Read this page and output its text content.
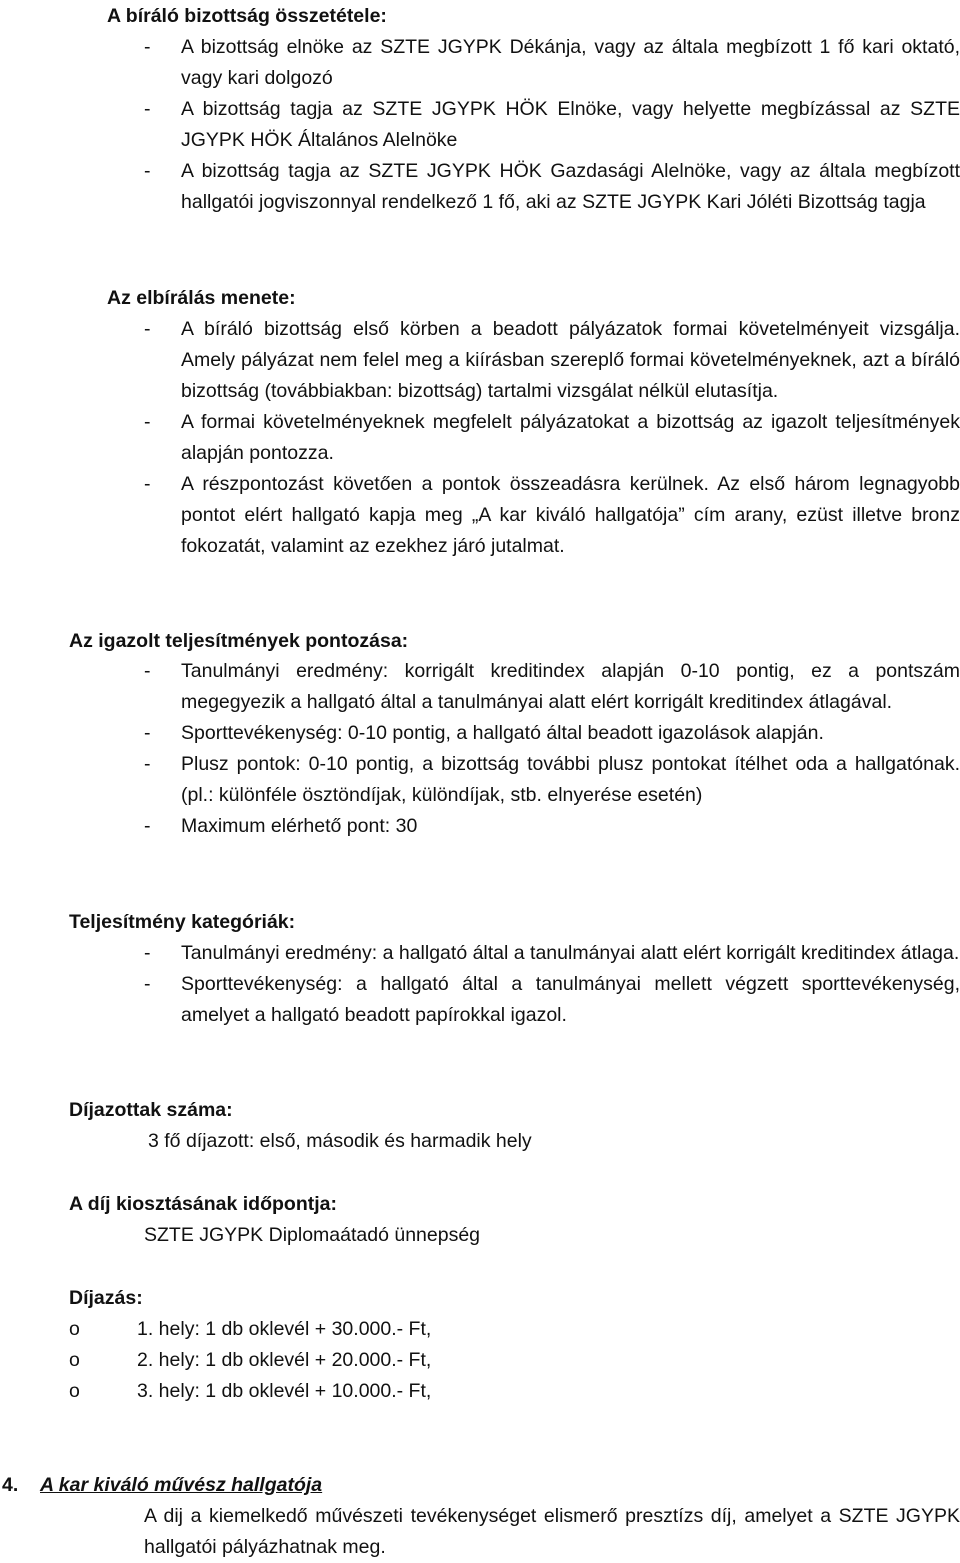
A bíráló bizottság összetétele:
-	A bizottság elnöke az SZTE JGYPK Dékánja, vagy az általa megbízott 1 fő kari oktató, vagy kari dolgozó
-	A bizottság tagja az SZTE JGYPK HÖK Elnöke, vagy helyette megbízással az SZTE JGYPK HÖK Általános Alelnöke
-	A bizottság tagja az SZTE JGYPK HÖK Gazdasági Alelnöke, vagy az általa megbízott hallgatói jogviszonnyal rendelkező 1 fő, aki az SZTE JGYPK Kari Jóléti Bizottság tagja
Az elbírálás menete:
-	A bíráló bizottság első körben a beadott pályázatok formai követelményeit vizsgálja. Amely pályázat nem felel meg a kiírásban szereplő formai követelményeknek, azt a bíráló bizottság (továbbiakban: bizottság) tartalmi vizsgálat nélkül elutasítja.
-	A formai követelményeknek megfelelt pályázatokat a bizottság az igazolt teljesítmények alapján pontozza.
-	A részpontozást követően a pontok összeadásra kerülnek. Az első három legnagyobb pontot elért hallgató kapja meg „A kar kiváló hallgatója” cím arany, ezüst illetve bronz fokozatát, valamint az ezekhez járó jutalmat.
Az igazolt teljesítmények pontozása:
-	Tanulmányi eredmény: korrigált kreditindex alapján 0-10 pontig, ez a pontszám megegyezik a hallgató által a tanulmányai alatt elért korrigált kreditindex átlagával.
-	Sporttevékenység: 0-10 pontig, a hallgató által beadott igazolások alapján.
-	Plusz pontok: 0-10 pontig, a bizottság további plusz pontokat ítélhet oda a hallgatónak. (pl.: különféle ösztöndíjak, különdíjak, stb. elnyerése esetén)
-	Maximum elérhető pont: 30
Teljesítmény kategóriák:
-	Tanulmányi eredmény: a hallgató által a tanulmányai alatt elért korrigált kreditindex átlaga.
-	Sporttevékenység: a hallgató által a tanulmányai mellett végzett sporttevékenység, amelyet a hallgató beadott papírokkal igazol.
Díjazottak száma:
3 fő díjazott: első, második és harmadik hely
A díj kiosztásának időpontja:
SZTE JGYPK Diplomaátadó ünnepség
Díjazás:
o	1. hely: 1 db oklevél + 30.000.- Ft,
o	2. hely: 1 db oklevél + 20.000.- Ft,
o	3. hely: 1 db oklevél + 10.000.- Ft,
4. A kar kiváló művész hallgatója
A dij a kiemelkedő művészeti tevékenységet elismerő presztízs díj, amelyet a SZTE JGYPK hallgatói pályázhatnak meg.
